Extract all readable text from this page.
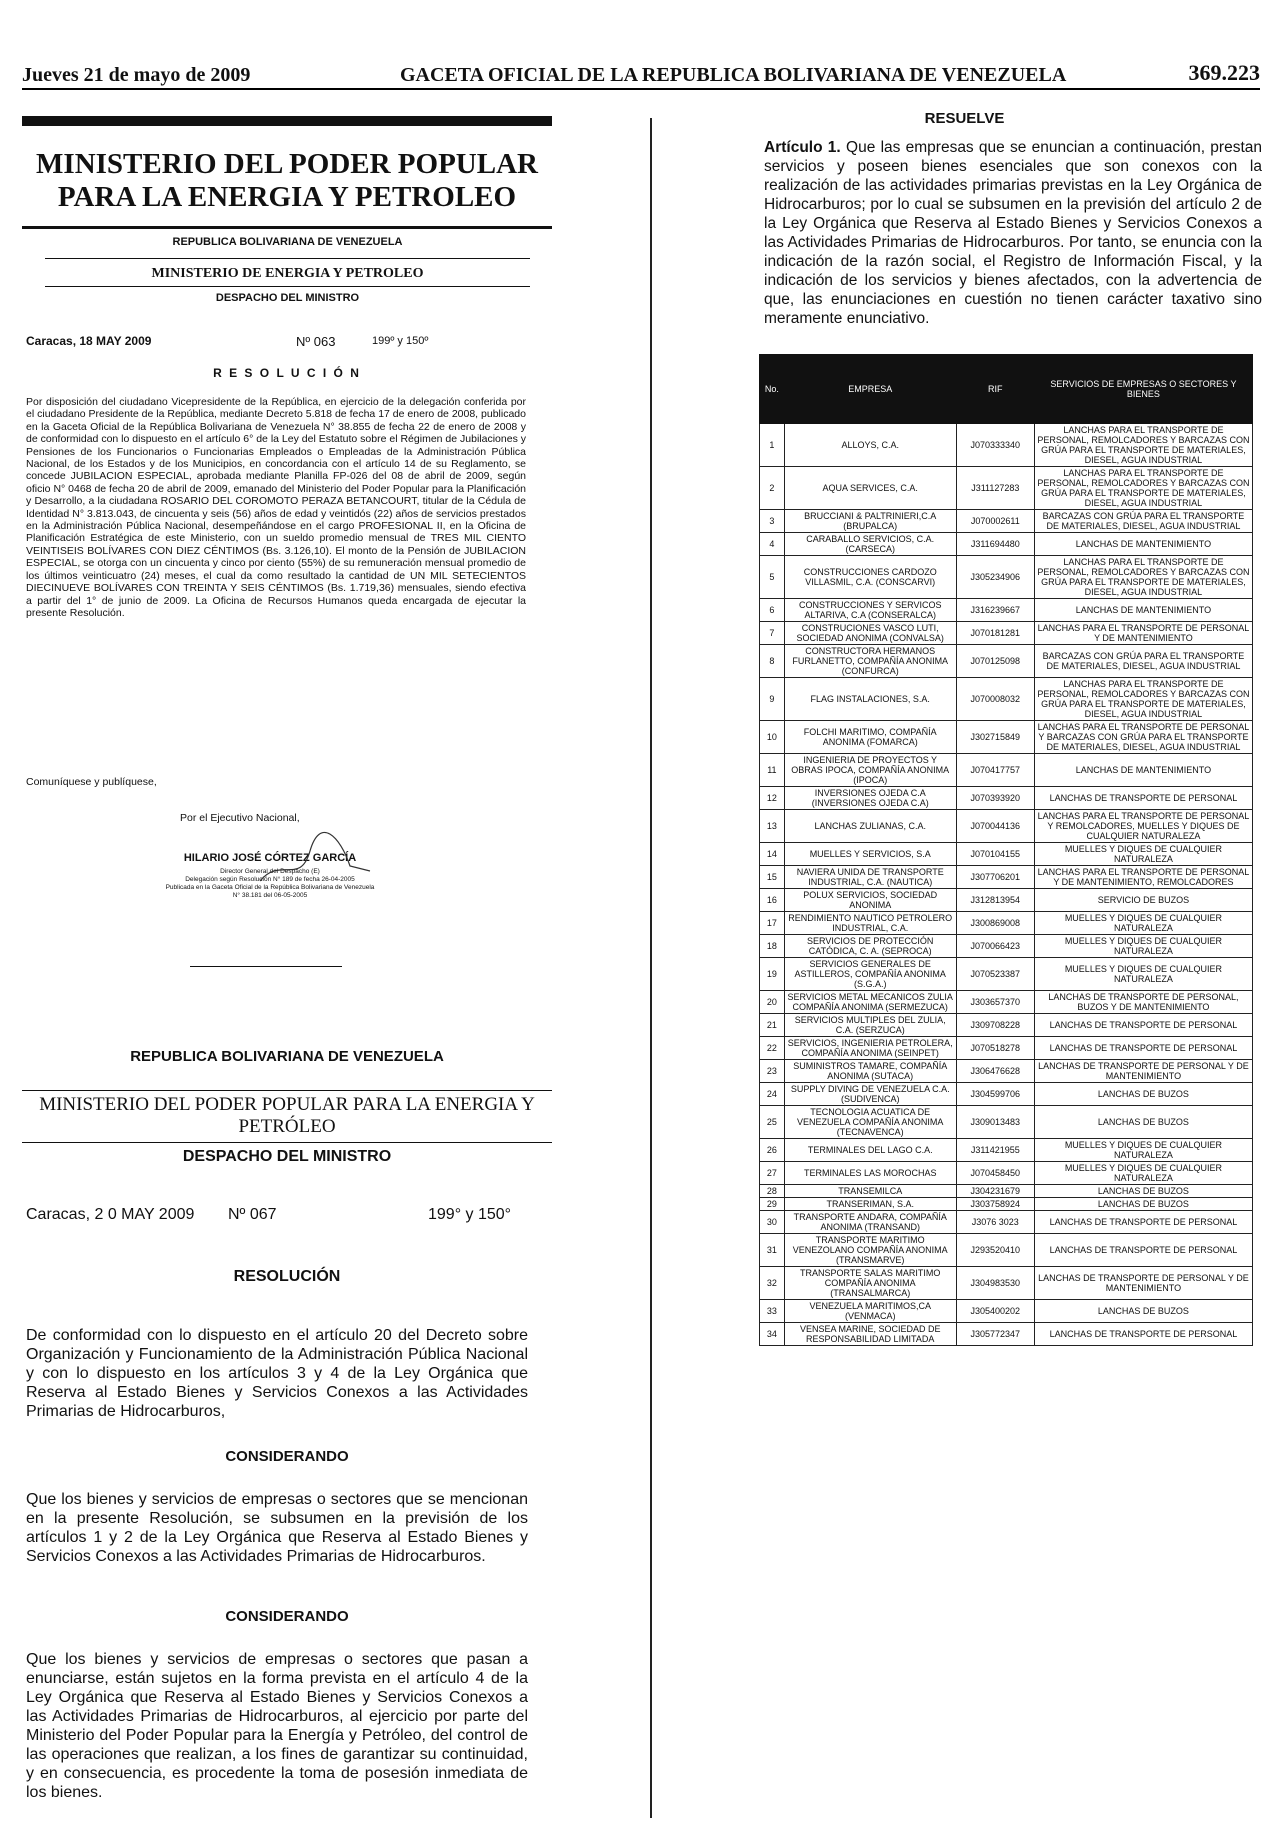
Jueves 21 de mayo de 2009	GACETA OFICIAL DE LA REPUBLICA BOLIVARIANA DE VENEZUELA	369.223
MINISTERIO DEL PODER POPULAR PARA LA ENERGIA Y PETROLEO
REPUBLICA BOLIVARIANA DE VENEZUELA
MINISTERIO DE ENERGIA Y PETROLEO
DESPACHO DEL MINISTRO
Caracas, 18 MAY 2009	Nº 063	199º y 150º
R E S O L U C I Ó N
Por disposición del ciudadano Vicepresidente de la República, en ejercicio de la delegación conferida por el ciudadano Presidente de la República, mediante Decreto 5.818 de fecha 17 de enero de 2008, publicado en la Gaceta Oficial de la República Bolivariana de Venezuela N° 38.855 de fecha 22 de enero de 2008 y de conformidad con lo dispuesto en el artículo 6° de la Ley del Estatuto sobre el Régimen de Jubilaciones y Pensiones de los Funcionarios o Funcionarias Empleados o Empleadas de la Administración Pública Nacional, de los Estados y de los Municipios, en concordancia con el artículo 14 de su Reglamento, se concede JUBILACION ESPECIAL, aprobada mediante Planilla FP-026 del 08 de abril de 2009, según oficio N° 0468 de fecha 20 de abril de 2009, emanado del Ministerio del Poder Popular para la Planificación y Desarrollo, a la ciudadana ROSARIO DEL COROMOTO PERAZA BETANCOURT, titular de la Cédula de Identidad N° 3.813.043, de cincuenta y seis (56) años de edad y veintidós (22) años de servicios prestados en la Administración Pública Nacional, desempeñándose en el cargo PROFESIONAL II, en la Oficina de Planificación Estratégica de este Ministerio, con un sueldo promedio mensual de TRES MIL CIENTO VEINTISEIS BOLÍVARES CON DIEZ CÉNTIMOS (Bs. 3.126,10). El monto de la Pensión de JUBILACION ESPECIAL, se otorga con un cincuenta y cinco por ciento (55%) de su remuneración mensual promedio de los últimos veinticuatro (24) meses, el cual da como resultado la cantidad de UN MIL SETECIENTOS DIECINUEVE BOLÍVARES CON TREINTA Y SEIS CÉNTIMOS (Bs. 1.719,36) mensuales, siendo efectiva a partir del 1° de junio de 2009. La Oficina de Recursos Humanos queda encargada de ejecutar la presente Resolución.
Comuníquese y publíquese,
Por el Ejecutivo Nacional,
HILARIO JOSÉ CÓRTEZ GARCÍA
Director General del Despacho (E)
Delegación según Resolución N° 189 de fecha 26-04-2005
Publicada en la Gaceta Oficial de la República Bolivariana de Venezuela
N° 38.181 del 06-05-2005
REPUBLICA BOLIVARIANA DE VENEZUELA
MINISTERIO DEL PODER POPULAR PARA LA ENERGIA Y PETRÓLEO
DESPACHO DEL MINISTRO
Caracas, 2 0 MAY 2009 Nº 067	199° y 150°
RESOLUCIÓN
De conformidad con lo dispuesto en el artículo 20 del Decreto sobre Organización y Funcionamiento de la Administración Pública Nacional y con lo dispuesto en los artículos 3 y 4 de la Ley Orgánica que Reserva al Estado Bienes y Servicios Conexos a las Actividades Primarias de Hidrocarburos,
CONSIDERANDO
Que los bienes y servicios de empresas o sectores que se mencionan en la presente Resolución, se subsumen en la previsión de los artículos 1 y 2 de la Ley Orgánica que Reserva al Estado Bienes y Servicios Conexos a las Actividades Primarias de Hidrocarburos.
CONSIDERANDO
Que los bienes y servicios de empresas o sectores que pasan a enunciarse, están sujetos en la forma prevista en el artículo 4 de la Ley Orgánica que Reserva al Estado Bienes y Servicios Conexos a las Actividades Primarias de Hidrocarburos, al ejercicio por parte del Ministerio del Poder Popular para la Energía y Petróleo, del control de las operaciones que realizan, a los fines de garantizar su continuidad, y en consecuencia, es procedente la toma de posesión inmediata de los bienes.
RESUELVE
Artículo 1. Que las empresas que se enuncian a continuación, prestan servicios y poseen bienes esenciales que son conexos con la realización de las actividades primarias previstas en la Ley Orgánica de Hidrocarburos; por lo cual se subsumen en la previsión del artículo 2 de la Ley Orgánica que Reserva al Estado Bienes y Servicios Conexos a las Actividades Primarias de Hidrocarburos. Por tanto, se enuncia con la indicación de la razón social, el Registro de Información Fiscal, y la indicación de los servicios y bienes afectados, con la advertencia de que, las enunciaciones en cuestión no tienen carácter taxativo sino meramente enunciativo.
No.	EMPRESA	RIF	SERVICIOS DE EMPRESAS O SECTORES Y BIENES
1	ALLOYS, C.A.	J070333340	LANCHAS PARA EL TRANSPORTE DE PERSONAL, REMOLCADORES Y BARCAZAS CON GRÚA PARA EL TRANSPORTE DE MATERIALES, DIESEL, AGUA INDUSTRIAL
2	AQUA SERVICES, C.A.	J311127283	LANCHAS PARA EL TRANSPORTE DE PERSONAL, REMOLCADORES Y BARCAZAS CON GRÚA PARA EL TRANSPORTE DE MATERIALES, DIESEL, AGUA INDUSTRIAL
3	BRUCCIANI & PALTRINIERI,C.A (BRUPALCA)	J070002611	BARCAZAS CON GRÚA PARA EL TRANSPORTE DE MATERIALES, DIESEL, AGUA INDUSTRIAL
4	CARABALLO SERVICIOS, C.A. (CARSECA)	J311694480	LANCHAS DE MANTENIMIENTO
5	CONSTRUCCIONES CARDOZO VILLASMIL, C.A. (CONSCARVI)	J305234906	LANCHAS PARA EL TRANSPORTE DE PERSONAL, REMOLCADORES Y BARCAZAS CON GRÚA PARA EL TRANSPORTE DE MATERIALES, DIESEL, AGUA INDUSTRIAL
6	CONSTRUCCIONES Y SERVICOS ALTARIVA, C.A (CONSERALCA)	J316239667	LANCHAS DE MANTENIMIENTO
7	CONSTRUCIONES VASCO LUTI, SOCIEDAD ANONIMA (CONVALSA)	J070181281	LANCHAS PARA EL TRANSPORTE DE PERSONAL Y DE MANTENIMIENTO
8	CONSTRUCTORA HERMANOS FURLANETTO, COMPAÑÍA ANONIMA (CONFURCA)	J070125098	BARCAZAS CON GRÚA PARA EL TRANSPORTE DE MATERIALES, DIESEL, AGUA INDUSTRIAL
9	FLAG INSTALACIONES, S.A.	J070008032	LANCHAS PARA EL TRANSPORTE DE PERSONAL, REMOLCADORES Y BARCAZAS CON GRÚA PARA EL TRANSPORTE DE MATERIALES, DIESEL, AGUA INDUSTRIAL
10	FOLCHI MARITIMO, COMPAÑÍA ANONIMA (FOMARCA)	J302715849	LANCHAS PARA EL TRANSPORTE DE PERSONAL Y BARCAZAS CON GRÚA PARA EL TRANSPORTE DE MATERIALES, DIESEL, AGUA INDUSTRIAL
11	INGENIERIA DE PROYECTOS Y OBRAS IPOCA, COMPAÑÍA ANONIMA (IPOCA)	J070417757	LANCHAS DE MANTENIMIENTO
12	INVERSIONES OJEDA C.A (INVERSIONES OJEDA C.A)	J070393920	LANCHAS DE TRANSPORTE DE PERSONAL
13	LANCHAS ZULIANAS, C.A.	J070044136	LANCHAS PARA EL TRANSPORTE DE PERSONAL Y REMOLCADORES, MUELLES Y DIQUES DE CUALQUIER NATURALEZA
14	MUELLES Y SERVICIOS, S.A	J070104155	MUELLES Y DIQUES DE CUALQUIER NATURALEZA
15	NAVIERA UNIDA DE TRANSPORTE INDUSTRIAL, C.A. (NAUTICA)	J307706201	LANCHAS PARA EL TRANSPORTE DE PERSONAL Y DE MANTENIMIENTO, REMOLCADORES
16	POLUX SERVICIOS, SOCIEDAD ANONIMA	J312813954	SERVICIO DE BUZOS
17	RENDIMIENTO NAUTICO PETROLERO INDUSTRIAL, C.A.	J300869008	MUELLES Y DIQUES DE CUALQUIER NATURALEZA
18	SERVICIOS DE PROTECCIÓN CATÓDICA, C. A. (SEPROCA)	J070066423	MUELLES Y DIQUES DE CUALQUIER NATURALEZA
19	SERVICIOS GENERALES DE ASTILLEROS, COMPAÑÍA ANONIMA (S.G.A.)	J070523387	MUELLES Y DIQUES DE CUALQUIER NATURALEZA
20	SERVICIOS METAL MECANICOS ZULIA COMPAÑÍA ANONIMA (SERMEZUCA)	J303657370	LANCHAS DE TRANSPORTE DE PERSONAL, BUZOS Y DE MANTENIMIENTO
21	SERVICIOS MULTIPLES DEL ZULIA, C.A. (SERZUCA)	J309708228	LANCHAS DE TRANSPORTE DE PERSONAL
22	SERVICIOS, INGENIERIA PETROLERA, COMPAÑÍA ANONIMA (SEINPET)	J070518278	LANCHAS DE TRANSPORTE DE PERSONAL
23	SUMINISTROS TAMARE, COMPAÑÍA ANONIMA (SUTACA)	J306476628	LANCHAS DE TRANSPORTE DE PERSONAL Y DE MANTENIMIENTO
24	SUPPLY DIVING DE VENEZUELA C.A. (SUDIVENCA)	J304599706	LANCHAS DE BUZOS
25	TECNOLOGIA ACUATICA DE VENEZUELA COMPAÑÍA ANONIMA (TECNAVENCA)	J309013483	LANCHAS DE BUZOS
26	TERMINALES DEL LAGO C.A.	J311421955	MUELLES Y DIQUES DE CUALQUIER NATURALEZA
27	TERMINALES LAS MOROCHAS	J070458450	MUELLES Y DIQUES DE CUALQUIER NATURALEZA
28	TRANSEMILCA	J304231679	LANCHAS DE BUZOS
29	TRANSERIMAN, S.A.	J303758924	LANCHAS DE BUZOS
30	TRANSPORTE ANDARA, COMPAÑÍA ANONIMA (TRANSAND)	J3076 3023	LANCHAS DE TRANSPORTE DE PERSONAL
31	TRANSPORTE MARITIMO VENEZOLANO COMPAÑÍA ANONIMA (TRANSMARVE)	J293520410	LANCHAS DE TRANSPORTE DE PERSONAL
32	TRANSPORTE SALAS MARITIMO COMPAÑÍA ANONIMA (TRANSALMARCA)	J304983530	LANCHAS DE TRANSPORTE DE PERSONAL Y DE MANTENIMIENTO
33	VENEZUELA MARITIMOS,CA (VENMACA)	J305400202	LANCHAS DE BUZOS
34	VENSEA MARINE, SOCIEDAD DE RESPONSABILIDAD LIMITADA	J305772347	LANCHAS DE TRANSPORTE DE PERSONAL
